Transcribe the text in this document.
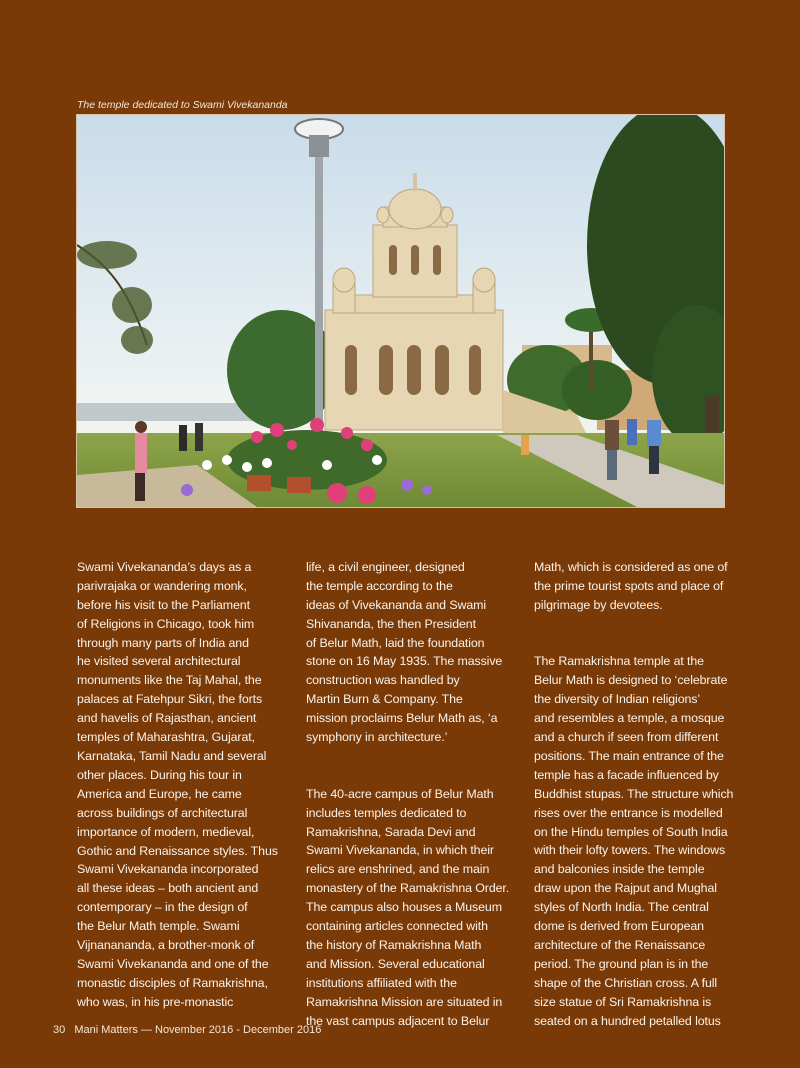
The temple dedicated to Swami Vivekananda

Swami Vivekananda’s days as a
parivrajaka or wandering monk,
before his visit to the Parliament
of Religions in Chicago, took him
through many parts of India and
he visited several architectural
monuments like the Taj Mahal, the
palaces at Fatehpur Sikri, the forts
and havelis of Rajasthan, ancient
temples of Maharashtra, Gujarat,
Karnataka, Tamil Nadu and several
other places. During his tour in
America and Europe, he came
across buildings of architectural
importance of modern, medieval,
Gothic and Renaissance styles. Thus
Swami Vivekananda incorporated
all these ideas – both ancient and
contemporary – in the design of
the Belur Math temple. Swami
Vijnanananda, a brother-monk of
Swami Vivekananda and one of the
monastic disciples of Ramakrishna,
who was, in his pre-monastic

life, a civil engineer, designed
the temple according to the
ideas of Vivekananda and Swami
Shivananda, the then President
of Belur Math, laid the foundation
stone on 16 May 1935. The massive
construction was handled by
Martin Burn & Company. The
mission proclaims Belur Math as, ‘a
symphony in architecture.’

The 40-acre campus of Belur Math
includes temples dedicated to
Ramakrishna, Sarada Devi and
Swami Vivekananda, in which their
relics are enshrined, and the main
monastery of the Ramakrishna Order.
The campus also houses a Museum
containing articles connected with
the history of Ramakrishna Math
and Mission. Several educational
institutions affiliated with the
Ramakrishna Mission are situated in
the vast campus adjacent to Belur

Math, which is considered as one of
the prime tourist spots and place of
pilgrimage by devotees.

The Ramakrishna temple at the
Belur Math is designed to ‘celebrate
the diversity of Indian religions’
and resembles a temple, a mosque
and a church if seen from different
positions. The main entrance of the
temple has a facade influenced by
Buddhist stupas. The structure which
rises over the entrance is modelled
on the Hindu temples of South India
with their lofty towers. The windows
and balconies inside the temple
draw upon the Rajput and Mughal
styles of North India. The central
dome is derived from European
architecture of the Renaissance
period. The ground plan is in the
shape of the Christian cross. A full
size statue of Sri Ramakrishna is
seated on a hundred petalled lotus

30 Mani Matters — November 2016 - December 2016
